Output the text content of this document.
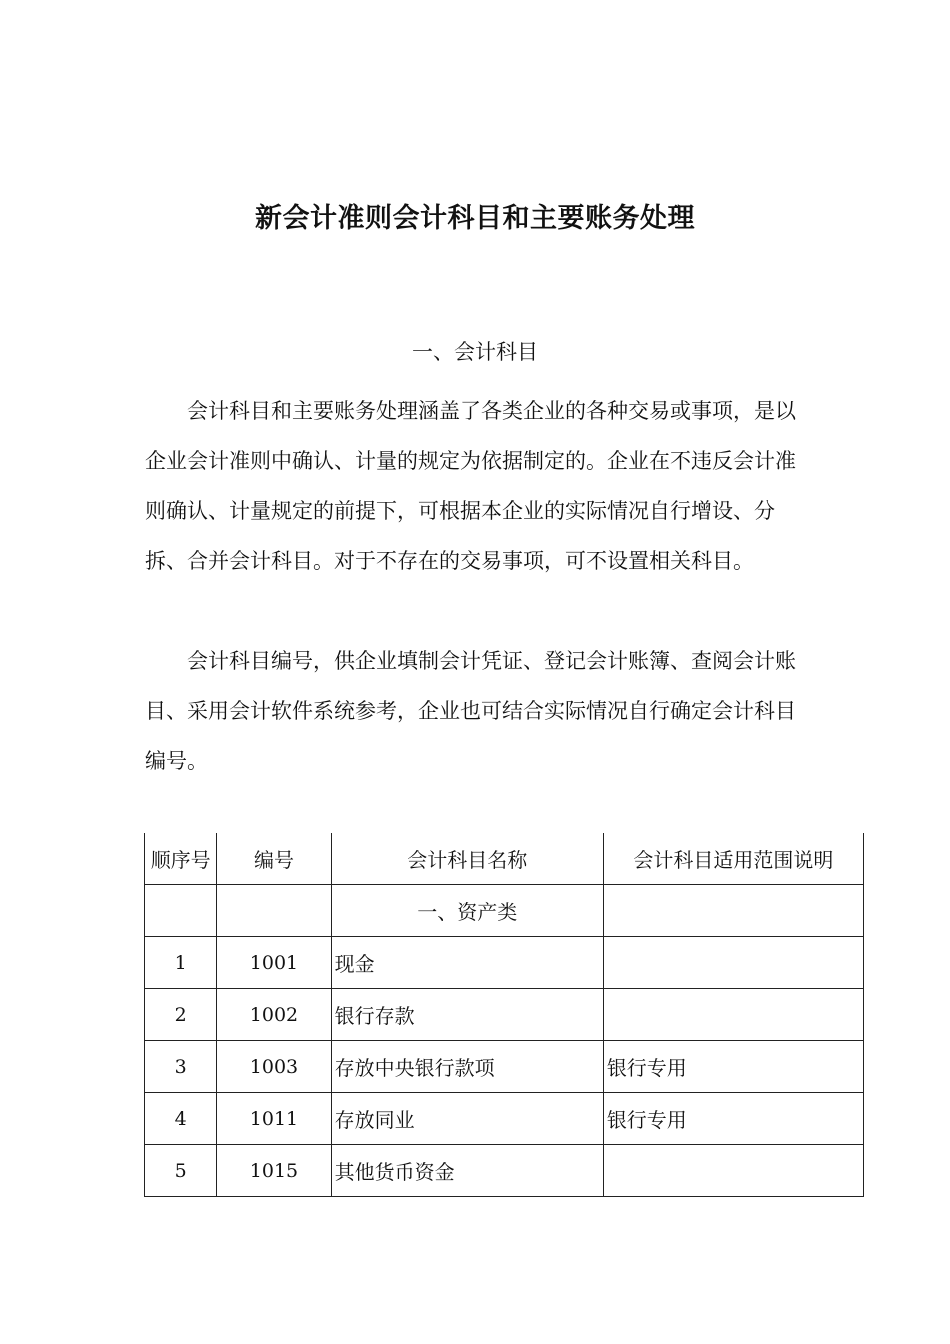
新会计准则会计科目和主要账务处理
一、会计科目

会计科目和主要账务处理涵盖了各类企业的各种交易或事项，是以企业会计准则中确认、计量的规定为依据制定的。企业在不违反会计准则确认、计量规定的前提下，可根据本企业的实际情况自行增设、分拆、合并会计科目。对于不存在的交易事项，可不设置相关科目。

会计科目编号，供企业填制会计凭证、登记会计账簿、查阅会计账目、采用会计软件系统参考，企业也可结合实际情况自行确定会计科目编号。

顺序号	编号	会计科目名称	会计科目适用范围说明
		一、资产类	
1	1001	现金	
2	1002	银行存款	
3	1003	存放中央银行款项	银行专用
4	1011	存放同业	银行专用
5	1015	其他货币资金	
